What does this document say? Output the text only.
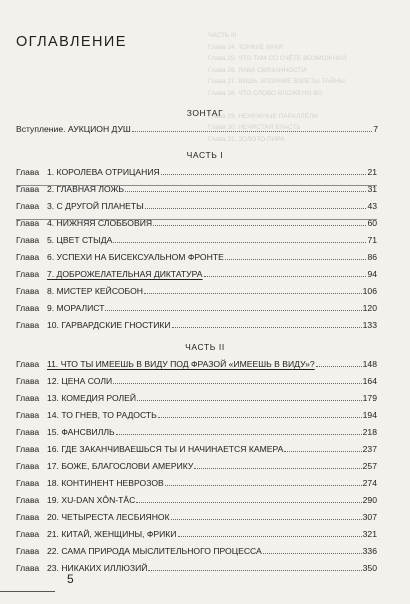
ОГЛАВЛЕНИЕ	ЧАСТЬ III
Глава 24. ТОНКИЕ КРАЯ
Глава 25. ЧТО ТАМ СО СЧЁТЕ ВОЗМОЖНАЯ
Глава 26. ЛАВА СВЯЗАННОСТИ
Глава 27. ВИШЬ, ВТОРНИЕ ВЗЛЕТЫ ТАЙНЫ
Глава 28. ЧТО СЛОВО ВЛОЖЕНО ВО

Глава 29. НЕНУЖНЫЕ ПАРАЛЛЕЛИ
Глава 30. НЕЧИСТАЯ ВЛАСТЬ
Глава 31. ЗОЛОТО ПИРА
ЗОНТАГ
Вступление. АУКЦИОН ДУШ	7
ЧАСТЬ I
Глава 1. КОРОЛЕВА ОТРИЦАНИЯ	21
Глава 2. ГЛАВНАЯ ЛОЖЬ	31
Глава 3. С ДРУГОЙ ПЛАНЕТЫ	43
Глава 4. НИЖНЯЯ СЛОББОВИЯ	60
Глава 5. ЦВЕТ СТЫДА	71
Глава 6. УСПЕХИ НА БИСЕКСУАЛЬНОМ ФРОНТЕ	86
Глава 7. ДОБРОЖЕЛАТЕЛЬНАЯ ДИКТАТУРА	94
Глава 8. МИСТЕР КЕЙСОБОН	106
Глава 9. МОРАЛИСТ	120
Глава 10. ГАРВАРДСКИЕ ГНОСТИКИ	133
ЧАСТЬ II
Глава 11. ЧТО ТЫ ИМЕЕШЬ В ВИДУ ПОД ФРАЗОЙ «ИМЕЕШЬ В ВИДУ»?	148
Глава 12. ЦЕНА СОЛИ	164
Глава 13. КОМЕДИЯ РОЛЕЙ	179
Глава 14. ТО ГНЕВ, ТО РАДОСТЬ	194
Глава 15. ФАНСВИЛЛЬ	218
Глава 16. ГДЕ ЗАКАНЧИВАЕШЬСЯ ТЫ И НАЧИНАЕТСЯ КАМЕРА	237
Глава 17. БОЖЕ, БЛАГОСЛОВИ АМЕРИКУ	257
Глава 18. КОНТИНЕНТ НЕВРОЗОВ	274
Глава 19. XU-DAN XÔN-TÂC	290
Глава 20. ЧЕТЫРЕСТА ЛЕСБИЯНОК	307
Глава 21. КИТАЙ, ЖЕНЩИНЫ, ФРИКИ	321
Глава 22. САМА ПРИРОДА МЫСЛИТЕЛЬНОГО ПРОЦЕССА	336
Глава 23. НИКАКИХ ИЛЛЮЗИЙ	350
5
